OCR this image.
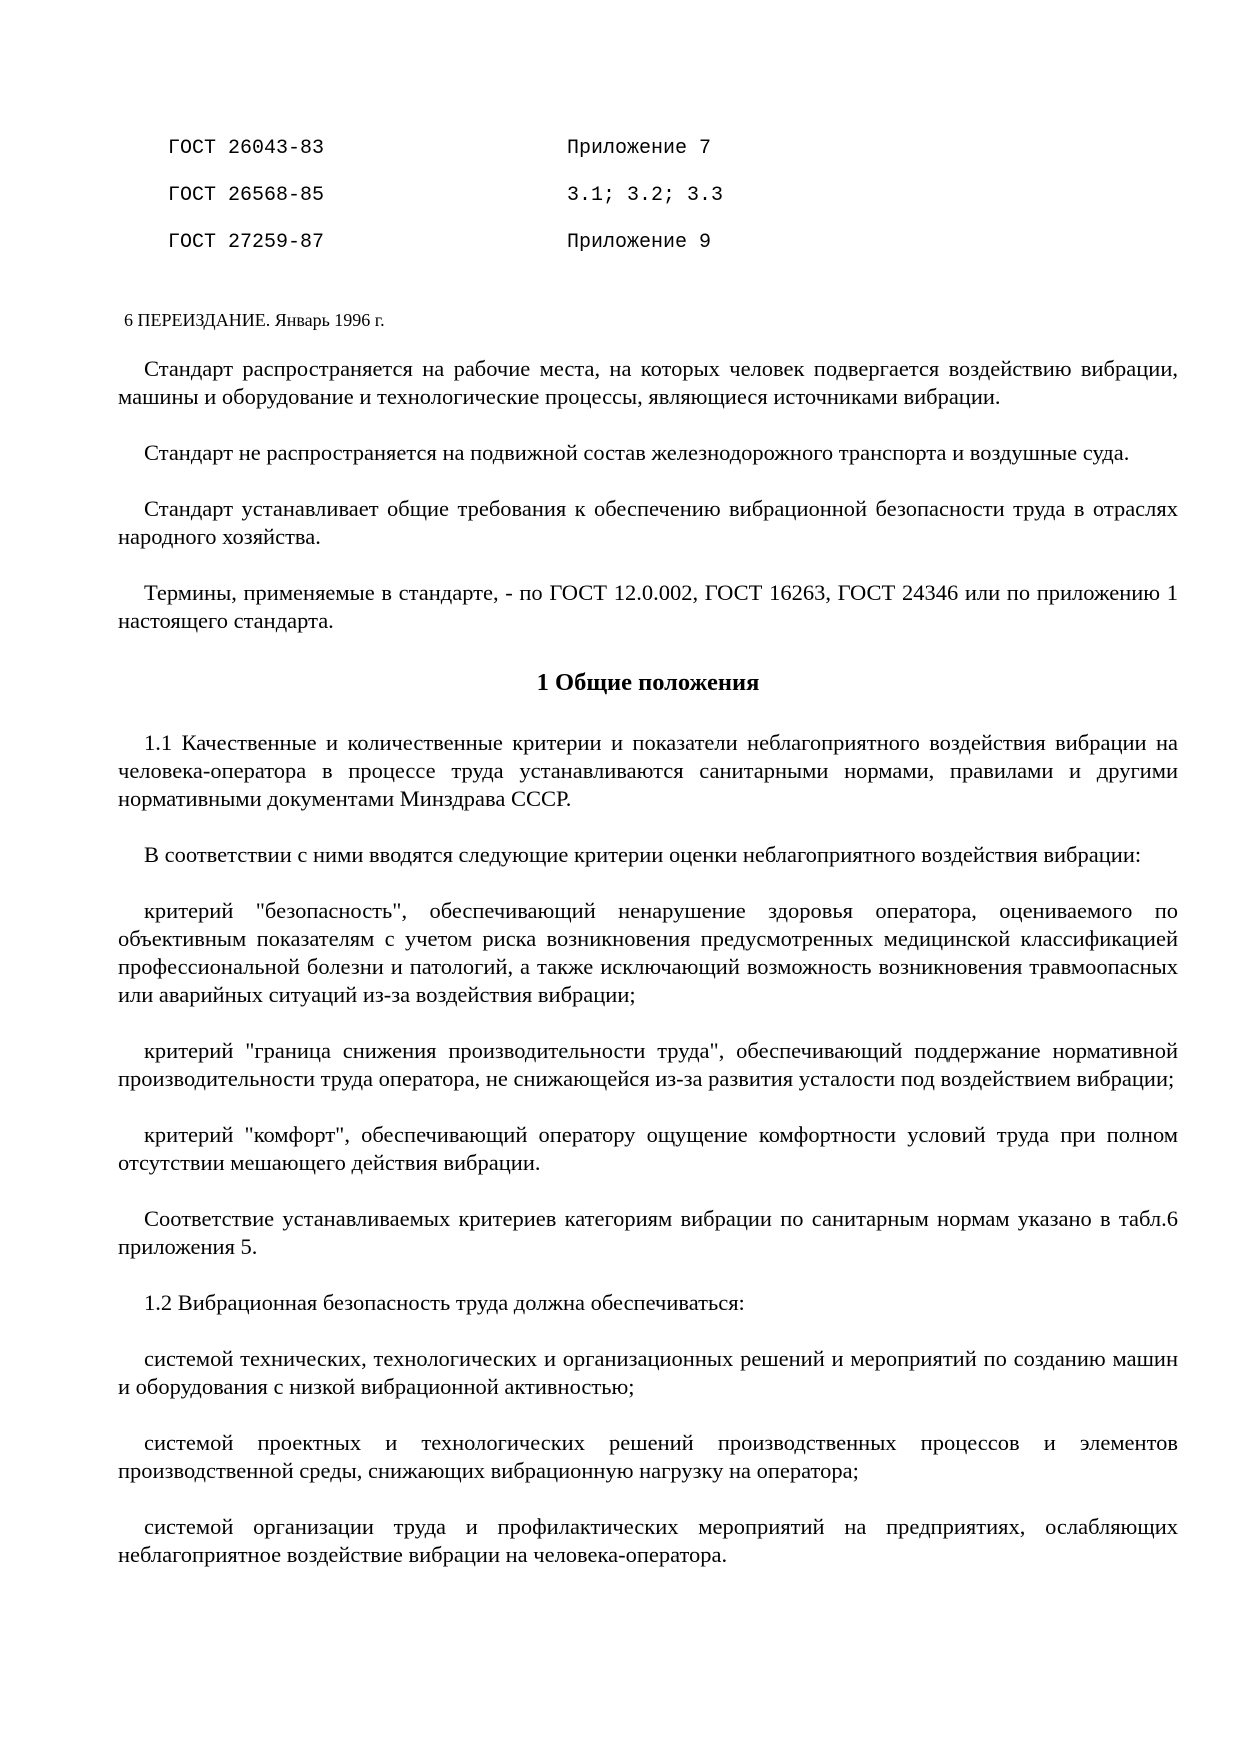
ГОСТ 26043-83	Приложение 7
ГОСТ 26568-85	3.1; 3.2; 3.3
ГОСТ 27259-87	Приложение 9
6 ПЕРЕИЗДАНИЕ. Январь 1996 г.

Стандарт распространяется на рабочие места, на которых человек подвергается воздействию вибрации, машины и оборудование и технологические процессы, являющиеся источниками вибрации.

Стандарт не распространяется на подвижной состав железнодорожного транспорта и воздушные суда.

Стандарт устанавливает общие требования к обеспечению вибрационной безопасности труда в отраслях народного хозяйства.

Термины, применяемые в стандарте, - по ГОСТ 12.0.002, ГОСТ 16263, ГОСТ 24346 или по приложению 1 настоящего стандарта.

1 Общие положения

1.1 Качественные и количественные критерии и показатели неблагоприятного воздействия вибрации на человека-оператора в процессе труда устанавливаются санитарными нормами, правилами и другими нормативными документами Минздрава СССР.

В соответствии с ними вводятся следующие критерии оценки неблагоприятного воздействия вибрации:

критерий "безопасность", обеспечивающий ненарушение здоровья оператора, оцениваемого по объективным показателям с учетом риска возникновения предусмотренных медицинской классификацией профессиональной болезни и патологий, а также исключающий возможность возникновения травмоопасных или аварийных ситуаций из-за воздействия вибрации;

критерий "граница снижения производительности труда", обеспечивающий поддержание нормативной производительности труда оператора, не снижающейся из-за развития усталости под воздействием вибрации;

критерий "комфорт", обеспечивающий оператору ощущение комфортности условий труда при полном отсутствии мешающего действия вибрации.

Соответствие устанавливаемых критериев категориям вибрации по санитарным нормам указано в табл.6 приложения 5.

1.2 Вибрационная безопасность труда должна обеспечиваться:

системой технических, технологических и организационных решений и мероприятий по созданию машин и оборудования с низкой вибрационной активностью;

системой проектных и технологических решений производственных процессов и элементов производственной среды, снижающих вибрационную нагрузку на оператора;

системой организации труда и профилактических мероприятий на предприятиях, ослабляющих неблагоприятное воздействие вибрации на человека-оператора.
